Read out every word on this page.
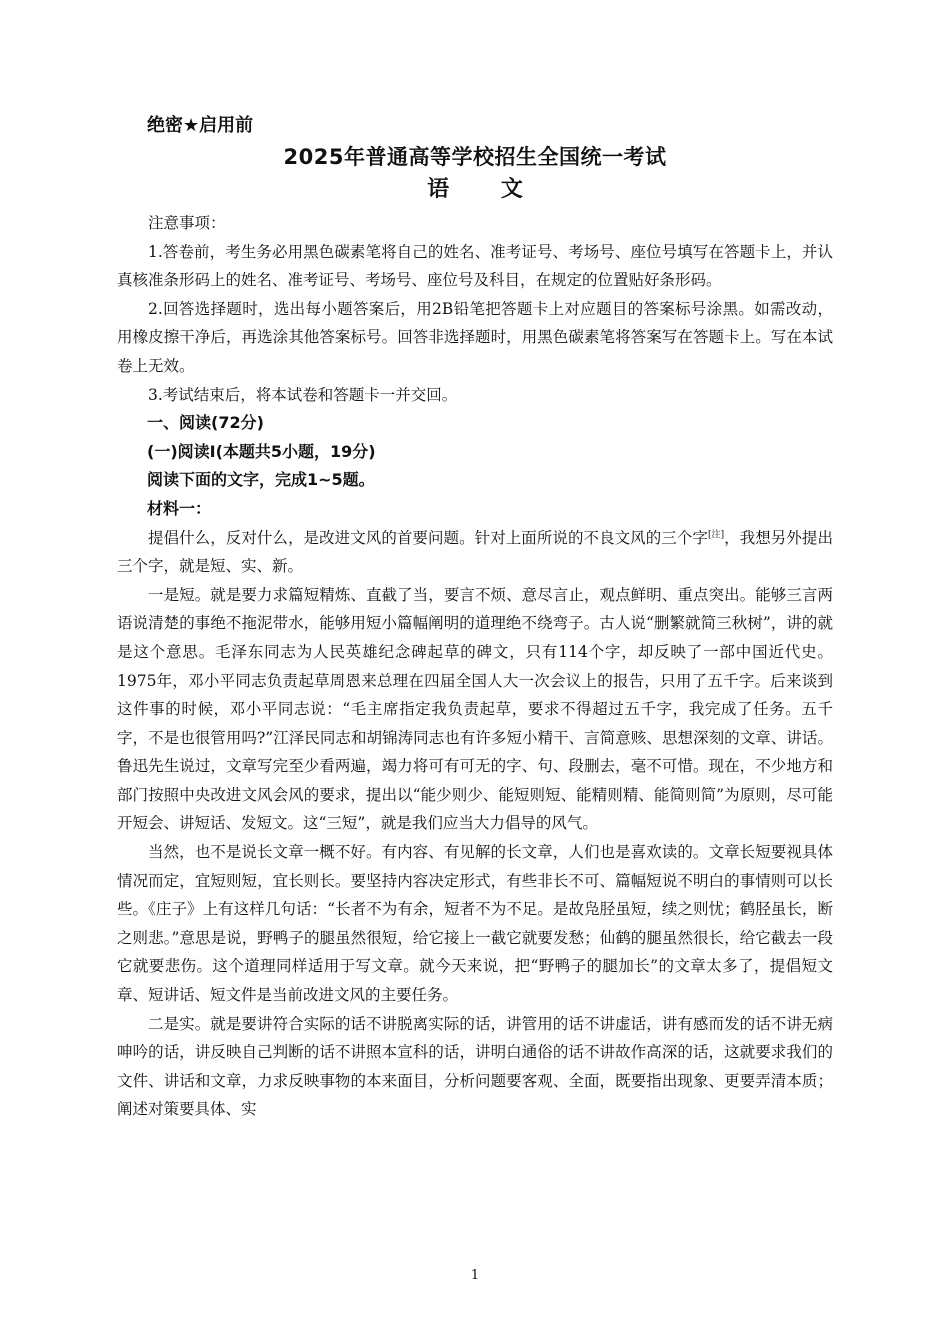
绝密★启用前
2025年普通高等学校招生全国统一考试
语 文

注意事项：

1.答卷前，考生务必用黑色碳素笔将自己的姓名、准考证号、考场号、座位号填写在答题卡上，并认真核准条形码上的姓名、准考证号、考场号、座位号及科目，在规定的位置贴好条形码。

2.回答选择题时，选出每小题答案后，用2B铅笔把答题卡上对应题目的答案标号涂黑。如需改动，用橡皮擦干净后，再选涂其他答案标号。回答非选择题时，用黑色碳素笔将答案写在答题卡上。写在本试卷上无效。

3.考试结束后，将本试卷和答题卡一并交回。

一、阅读(72分)

(一)阅读Ⅰ(本题共5小题，19分)

阅读下面的文字，完成1~5题。

材料一：

提倡什么，反对什么，是改进文风的首要问题。针对上面所说的不良文风的三个字[注]，我想另外提出三个字，就是短、实、新。

一是短。就是要力求篇短精炼、直截了当，要言不烦、意尽言止，观点鲜明、重点突出。能够三言两语说清楚的事绝不拖泥带水，能够用短小篇幅阐明的道理绝不绕弯子。古人说“删繁就简三秋树”，讲的就是这个意思。毛泽东同志为人民英雄纪念碑起草的碑文，只有114个字，却反映了一部中国近代史。1975年，邓小平同志负责起草周恩来总理在四届全国人大一次会议上的报告，只用了五千字。后来谈到这件事的时候，邓小平同志说：“毛主席指定我负责起草，要求不得超过五千字，我完成了任务。五千字，不是也很管用吗?”江泽民同志和胡锦涛同志也有许多短小精干、言简意赅、思想深刻的文章、讲话。鲁迅先生说过，文章写完至少看两遍，竭力将可有可无的字、句、段删去，毫不可惜。现在，不少地方和部门按照中央改进文风会风的要求，提出以“能少则少、能短则短、能精则精、能简则简”为原则，尽可能开短会、讲短话、发短文。这“三短”，就是我们应当大力倡导的风气。

当然，也不是说长文章一概不好。有内容、有见解的长文章，人们也是喜欢读的。文章长短要视具体情况而定，宜短则短，宜长则长。要坚持内容决定形式，有些非长不可、篇幅短说不明白的事情则可以长些。《庄子》上有这样几句话：“长者不为有余，短者不为不足。是故凫胫虽短，续之则忧；鹤胫虽长，断之则悲。”意思是说，野鸭子的腿虽然很短，给它接上一截它就要发愁；仙鹤的腿虽然很长，给它截去一段它就要悲伤。这个道理同样适用于写文章。就今天来说，把“野鸭子的腿加长”的文章太多了，提倡短文章、短讲话、短文件是当前改进文风的主要任务。

二是实。就是要讲符合实际的话不讲脱离实际的话，讲管用的话不讲虚话，讲有感而发的话不讲无病呻吟的话，讲反映自己判断的话不讲照本宣科的话，讲明白通俗的话不讲故作高深的话，这就要求我们的文件、讲话和文章，力求反映事物的本来面目，分析问题要客观、全面，既要指出现象、更要弄清本质；阐述对策要具体、实

1
